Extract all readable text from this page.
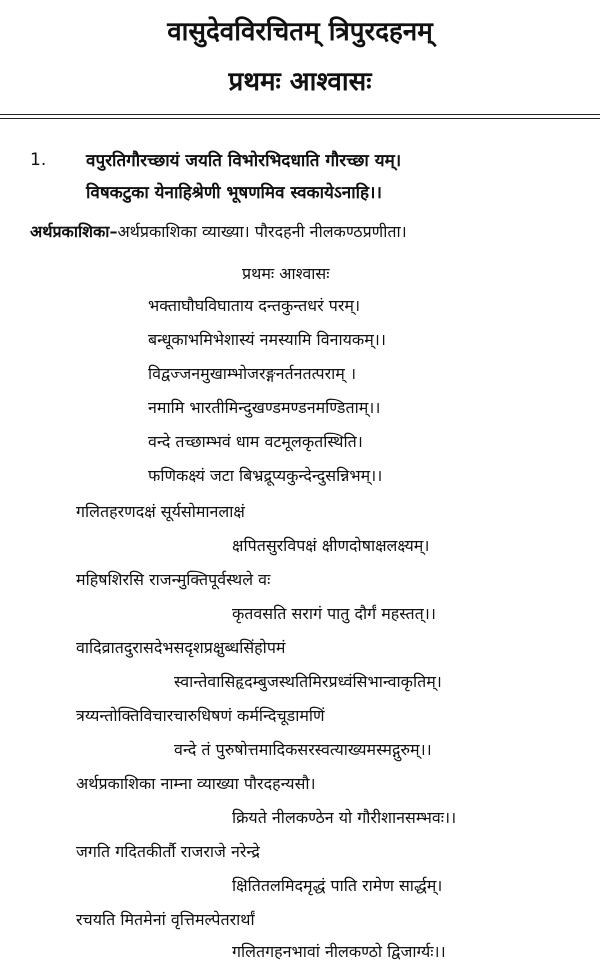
वासुदेवविरचितम् त्रिपुरदहनम्
प्रथमः आश्वासः
1. वपुरतिगौरच्छायं जयति विभोरभिदधाति गौरच्छा यम्।
विषकटुका येनाहिश्रेणी भूषणमिव स्वकायेऽनाहि।।
अर्थप्रकाशिका–अर्थप्रकाशिका व्याख्या। पौरदहनी नीलकण्ठप्रणीता।
प्रथमः आश्वासः
भक्ताघौघविघाताय दन्तकुन्तधरं परम्।
बन्धूकाभमिभेशास्यं नमस्यामि विनायकम्।।
विद्वज्जनमुखाम्भोजरङ्गनर्तनतत्पराम् ।
नमामि भारतीमिन्दुखण्डमण्डनमण्डिताम्।।
वन्दे तच्छाम्भवं धाम वटमूलकृतस्थिति।
फणिकक्ष्यं जटा बिभ्रद्रूप्यकुन्देन्दुसन्निभम्।।
गलितहरणदक्षं सूर्यसोमानलाक्षं
क्षपितसुरविपक्षं क्षीणदोषाक्षलक्ष्यम्।
महिषशिरसि राजन्मुक्तिपूर्वस्थले वः
कृतवसति सरागं पातु दौर्गं महस्तत्।।
वादिव्रातदुरासदेभसदृशप्रक्षुब्धसिंहोपमं
स्वान्तेवासिहृदम्बुजस्थतिमिरप्रध्वंसिभान्वाकृतिम्।
त्रय्यन्तोक्तिविचारचारुधिषणं कर्मन्दिचूडामणिं
वन्दे तं पुरुषोत्तमादिकसरस्वत्याख्यमस्मद्गुरुम्।।
अर्थप्रकाशिका नाम्ना व्याख्या पौरदहन्यसौ।
क्रियते नीलकण्ठेन यो गौरीशानसम्भवः।।
जगति गदितकीर्तौ राजराजे नरेन्द्रे
क्षितितलमिदमृद्धं पाति रामेण सार्द्धम्।
रचयति मितमेनां वृत्तिमल्पेतरार्थां
गलितगहनभावां नीलकण्ठो द्विजार्ग्यः।।
